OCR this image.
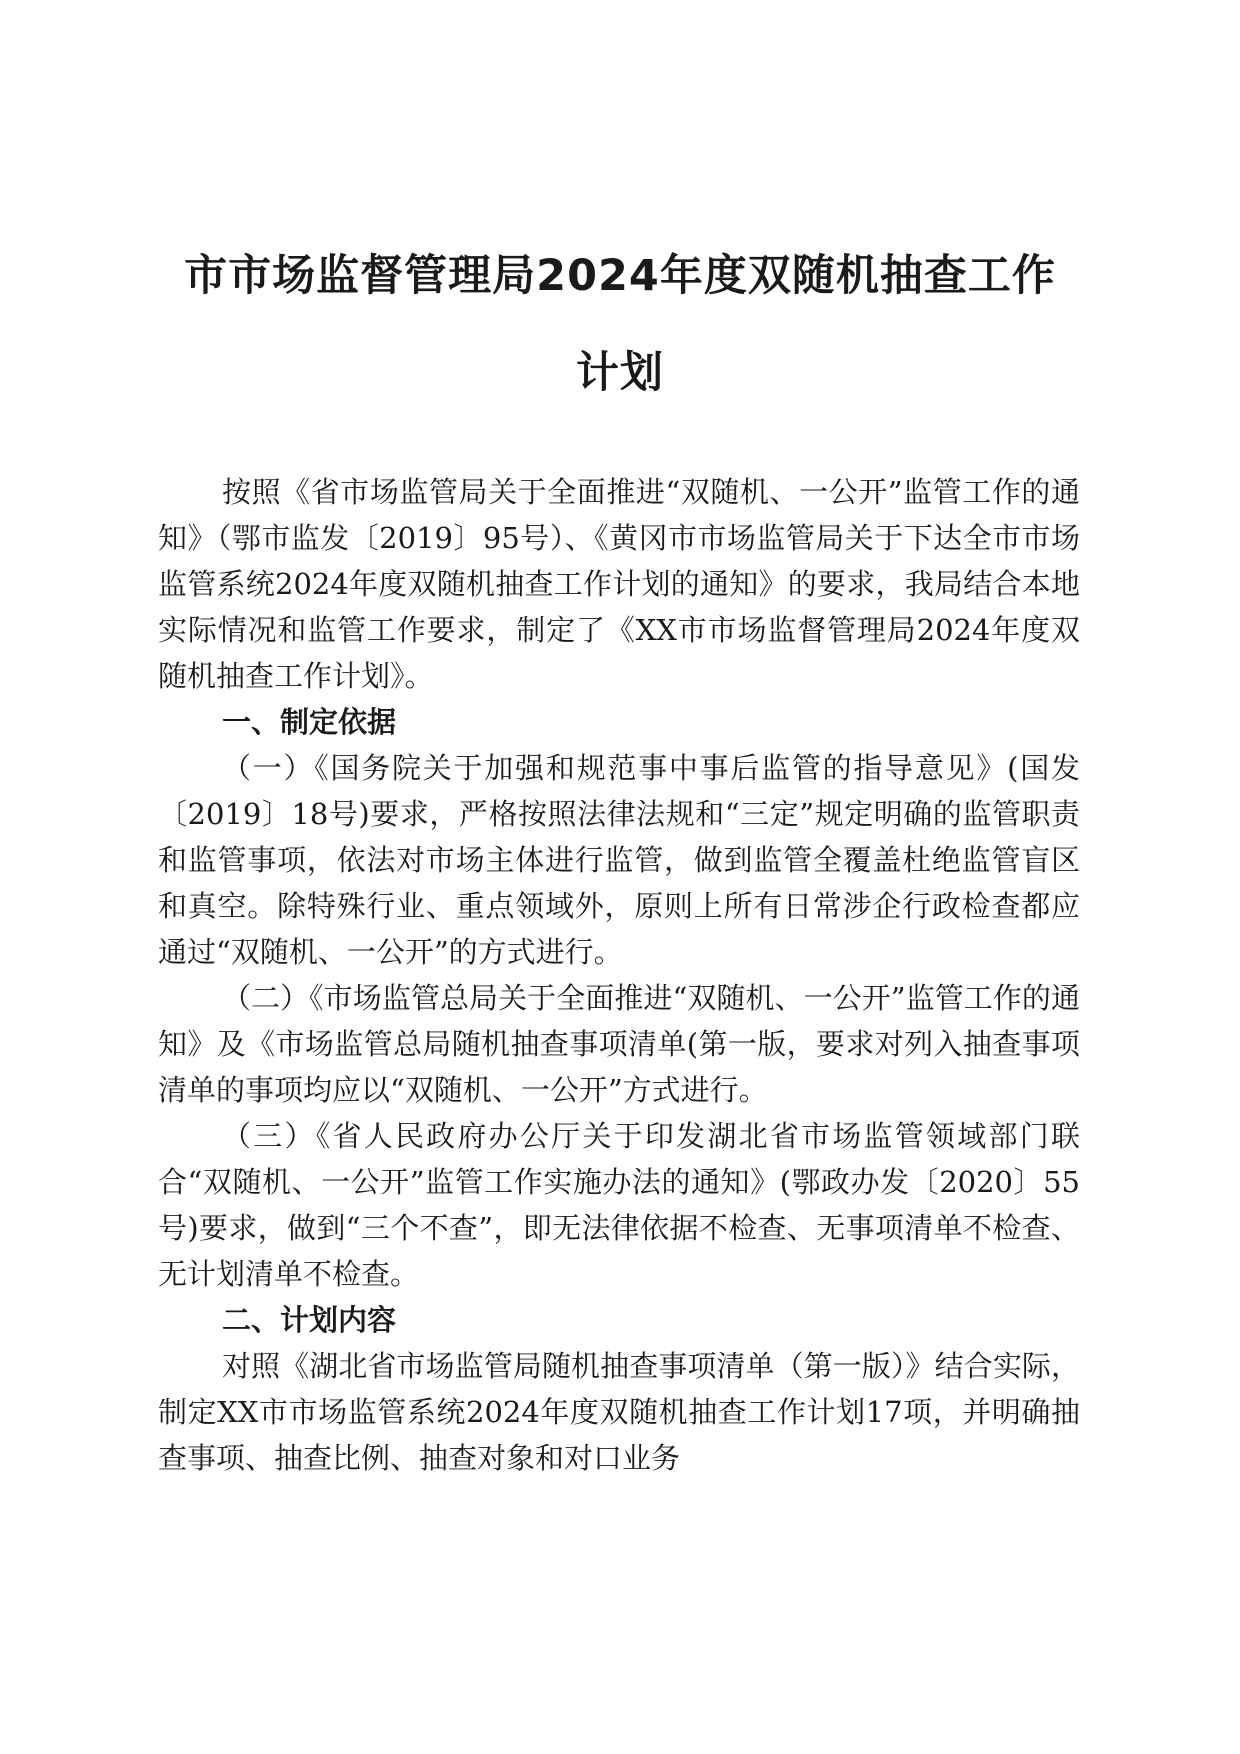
市市场监督管理局2024年度双随机抽查工作
计划

按照《省市场监管局关于全面推进“双随机、一公开”监管工作的通知》（鄂市监发〔2019〕95号）、《黄冈市市场监管局关于下达全市市场监管系统2024年度双随机抽查工作计划的通知》的要求，我局结合本地实际情况和监管工作要求，制定了《XX市市场监督管理局2024年度双随机抽查工作计划》。

一、制定依据

（一）《国务院关于加强和规范事中事后监管的指导意见》(国发〔2019〕18号)要求，严格按照法律法规和“三定”规定明确的监管职责和监管事项，依法对市场主体进行监管，做到监管全覆盖杜绝监管盲区和真空。除特殊行业、重点领域外，原则上所有日常涉企行政检查都应通过“双随机、一公开”的方式进行。

（二）《市场监管总局关于全面推进“双随机、一公开”监管工作的通知》及《市场监管总局随机抽查事项清单(第一版，要求对列入抽查事项清单的事项均应以“双随机、一公开”方式进行。

（三）《省人民政府办公厅关于印发湖北省市场监管领域部门联合“双随机、一公开”监管工作实施办法的通知》(鄂政办发〔2020〕55号)要求，做到“三个不查”，即无法律依据不检查、无事项清单不检查、无计划清单不检查。

二、计划内容

对照《湖北省市场监管局随机抽查事项清单（第一版）》结合实际，制定XX市市场监管系统2024年度双随机抽查工作计划17项，并明确抽查事项、抽查比例、抽查对象和对口业务
